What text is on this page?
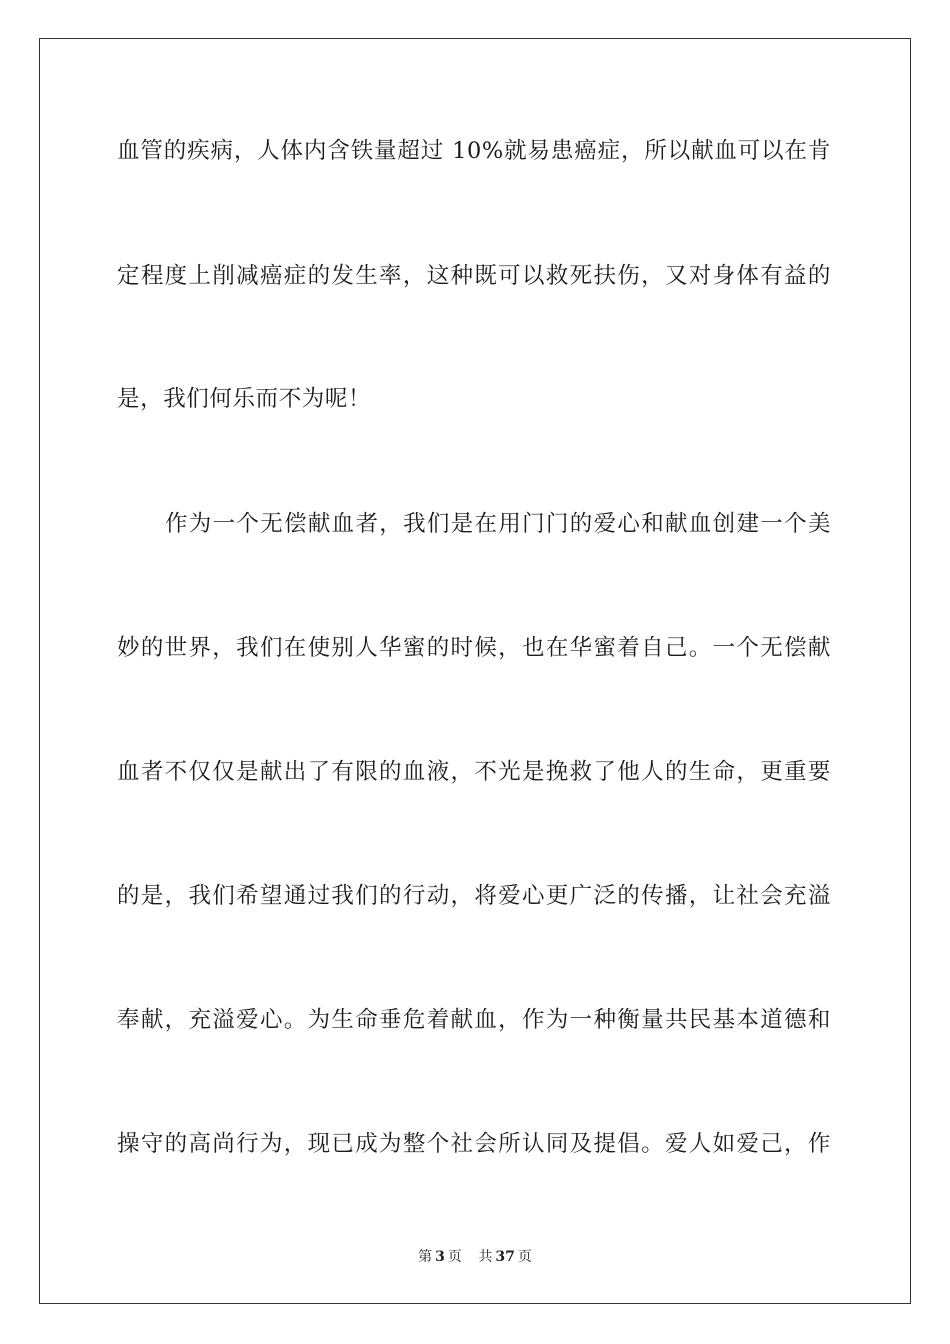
血管的疾病，人体内含铁量超过 10%就易患癌症，所以献血可以在肯
定程度上削减癌症的发生率，这种既可以救死扶伤，又对身体有益的
是，我们何乐而不为呢！
作为一个无偿献血者，我们是在用门门的爱心和献血创建一个美
妙的世界，我们在使别人华蜜的时候，也在华蜜着自己。一个无偿献
血者不仅仅是献出了有限的血液，不光是挽救了他人的生命，更重要
的是，我们希望通过我们的行动，将爱心更广泛的传播，让社会充溢
奉献，充溢爱心。为生命垂危着献血，作为一种衡量共民基本道德和
操守的高尚行为，现已成为整个社会所认同及提倡。爱人如爱己，作
第 3 页 共 37 页
